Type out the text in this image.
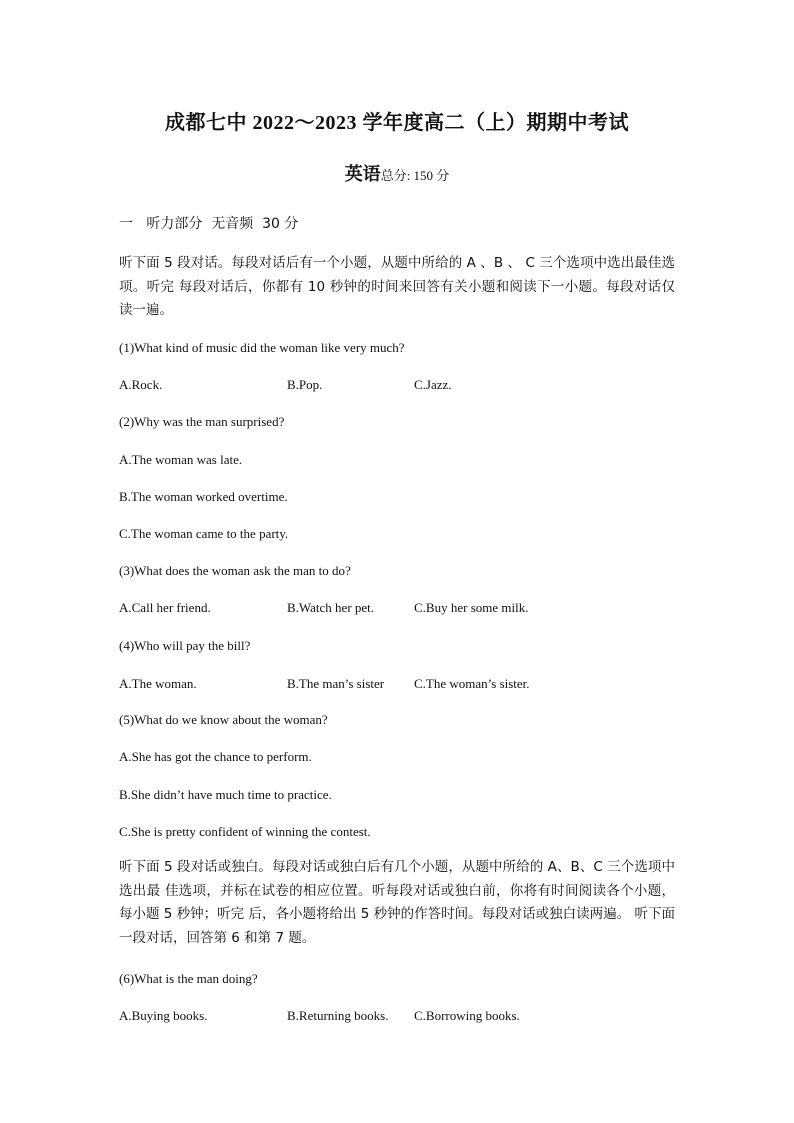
成都七中 2022～2023 学年度高二（上）期期中考试
英语总分: 150 分
一   听力部分  无音频  30 分
听下面 5 段对话。每段对话后有一个小题，从题中所给的 A 、B 、 C 三个选项中选出最佳选项。听完 每段对话后，你都有 10 秒钟的时间来回答有关小题和阅读下一小题。每段对话仅读一遍。
(1)What kind of music did the woman like very much?
A.Rock.	B.Pop.	C.Jazz.
(2)Why was the man surprised?
A.The woman was late.
B.The woman worked overtime.
C.The woman came to the party.
(3)What does the woman ask the man to do?
A.Call her friend.	B.Watch her pet.	C.Buy her some milk.
(4)Who will pay the bill?
A.The woman.	B.The man’s sister C.The woman’s sister.
(5)What do we know about the woman?
A.She has got the chance to perform.
B.She didn’t have much time to practice.
C.She is pretty confident of winning the contest.
听下面 5 段对话或独白。每段对话或独白后有几个小题，从题中所给的 A、B、C 三个选项中选出最 佳选项，并标在试卷的相应位置。听每段对话或独白前，你将有时间阅读各个小题，每小题 5 秒钟；听完 后，各小题将给出 5 秒钟的作答时间。每段对话或独白读两遍。 听下面一段对话，回答第 6 和第 7 题。
(6)What is the man doing?
A.Buying books.	B.Returning books. C.Borrowing books.
